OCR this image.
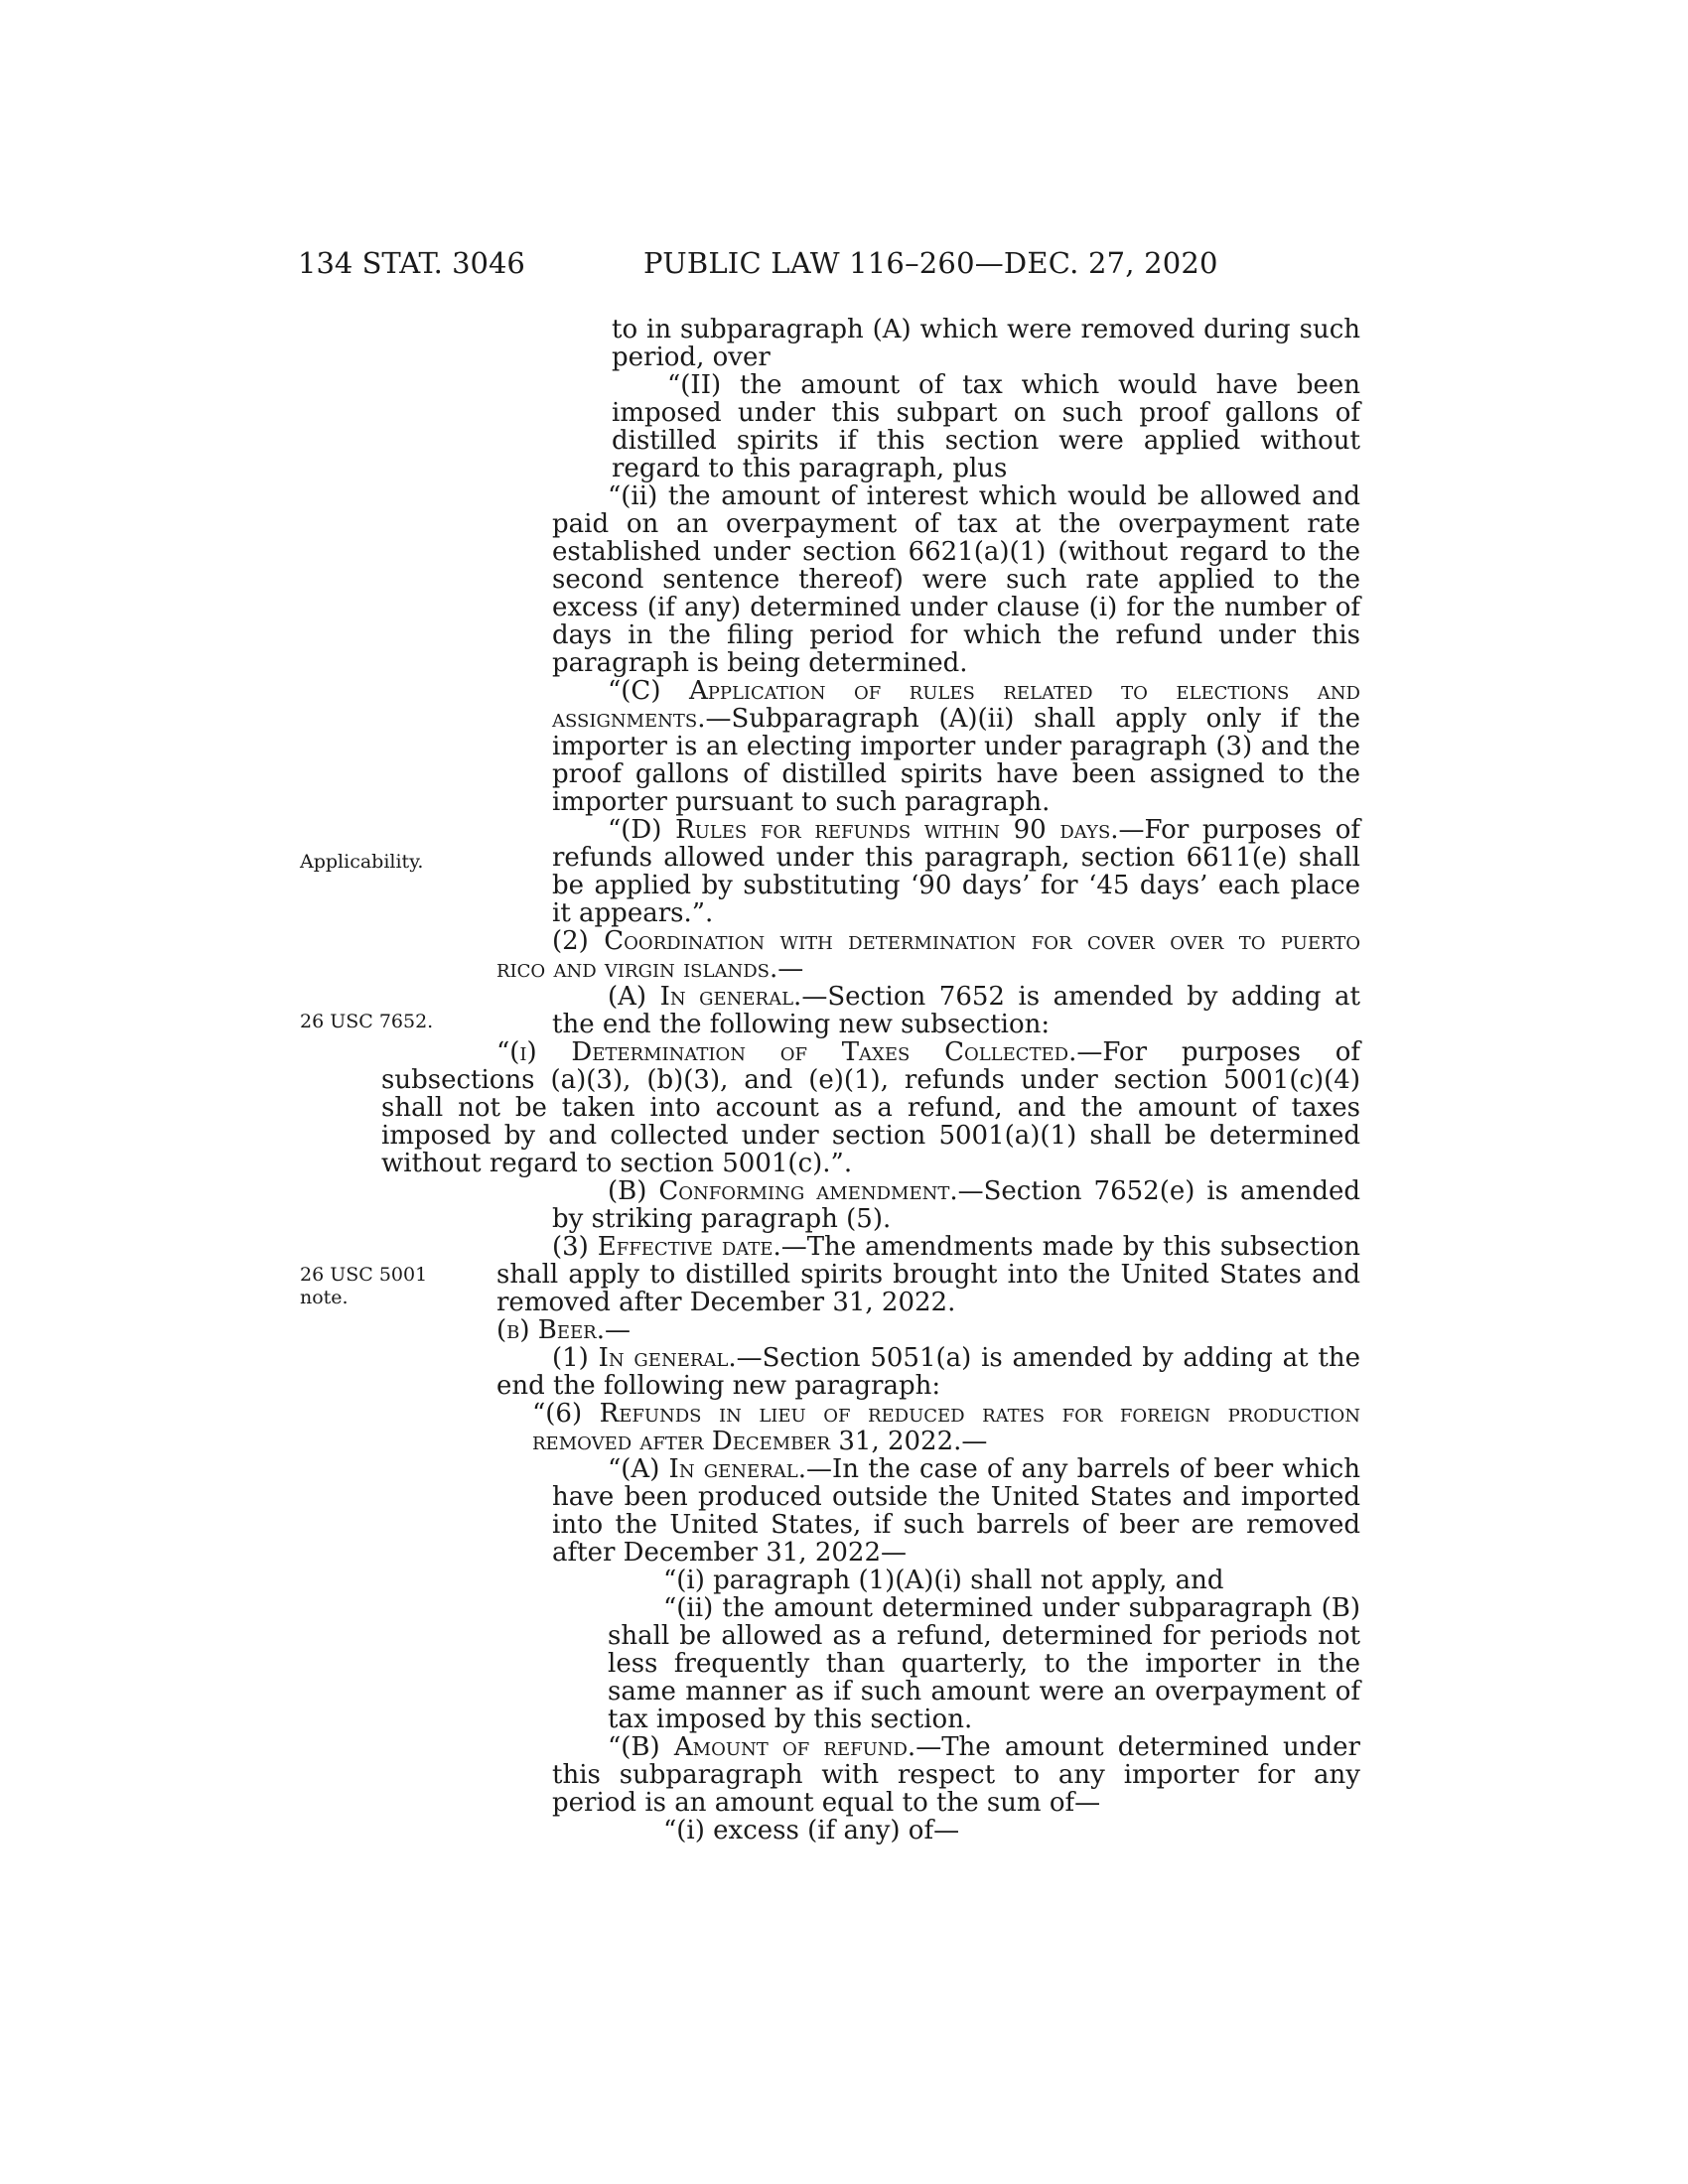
134 STAT. 3046	PUBLIC LAW 116–260—DEC. 27, 2020
Applicability.
26 USC 7652.
26 USC 5001
note.

to in subparagraph (A) which were removed during such period, over

“(II) the amount of tax which would have been imposed under this subpart on such proof gallons of distilled spirits if this section were applied without regard to this paragraph, plus

“(ii) the amount of interest which would be allowed and paid on an overpayment of tax at the overpayment rate established under section 6621(a)(1) (without regard to the second sentence thereof) were such rate applied to the excess (if any) determined under clause (i) for the number of days in the filing period for which the refund under this paragraph is being determined.

“(C) Application of rules related to elections and assignments.—Subparagraph (A)(ii) shall apply only if the importer is an electing importer under paragraph (3) and the proof gallons of distilled spirits have been assigned to the importer pursuant to such paragraph.

“(D) Rules for refunds within 90 days.—For purposes of refunds allowed under this paragraph, section 6611(e) shall be applied by substituting ‘90 days’ for ‘45 days’ each place it appears.”.

(2) Coordination with determination for cover over to puerto rico and virgin islands.—

(A) In general.—Section 7652 is amended by adding at the end the following new subsection:

“(i) Determination of Taxes Collected.—For purposes of subsections (a)(3), (b)(3), and (e)(1), refunds under section 5001(c)(4) shall not be taken into account as a refund, and the amount of taxes imposed by and collected under section 5001(a)(1) shall be determined without regard to section 5001(c).”.

(B) Conforming amendment.—Section 7652(e) is amended by striking paragraph (5).

(3) Effective date.—The amendments made by this subsection shall apply to distilled spirits brought into the United States and removed after December 31, 2022.

(b) Beer.—

(1) In general.—Section 5051(a) is amended by adding at the end the following new paragraph:

“(6) Refunds in lieu of reduced rates for foreign production removed after December 31, 2022.—

“(A) In general.—In the case of any barrels of beer which have been produced outside the United States and imported into the United States, if such barrels of beer are removed after December 31, 2022—

“(i) paragraph (1)(A)(i) shall not apply, and

“(ii) the amount determined under subparagraph (B) shall be allowed as a refund, determined for periods not less frequently than quarterly, to the importer in the same manner as if such amount were an overpayment of tax imposed by this section.

“(B) Amount of refund.—The amount determined under this subparagraph with respect to any importer for any period is an amount equal to the sum of—

“(i) excess (if any) of—
